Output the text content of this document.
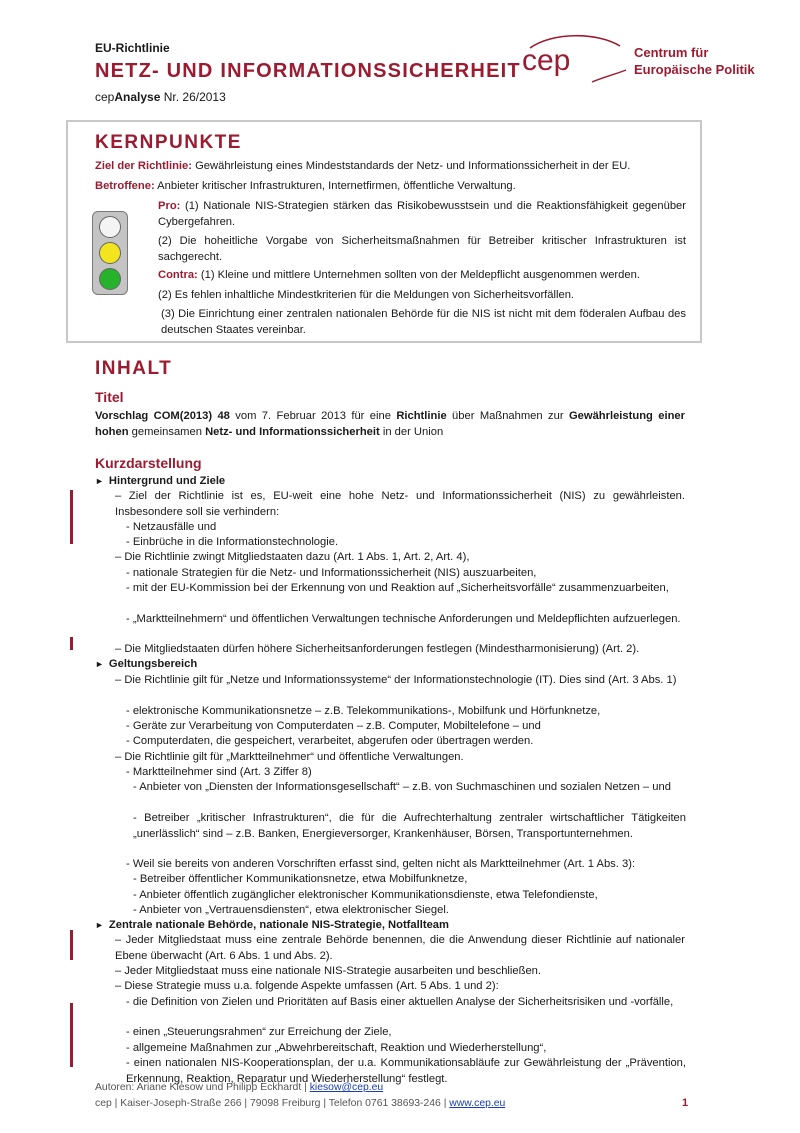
EU-Richtlinie
NETZ- UND INFORMATIONSSICHERHEIT
cepAnalyse Nr. 26/2013
cep	Centrum für
Europäische Politik
KERNPUNKTE
Ziel der Richtlinie: Gewährleistung eines Mindeststandards der Netz- und Informationssicherheit in der EU.
Betroffene: Anbieter kritischer Infrastrukturen, Internetfirmen, öffentliche Verwaltung.
Pro: (1) Nationale NIS-Strategien stärken das Risikobewusstsein und die Reaktionsfähigkeit gegenüber Cybergefahren.
(2) Die hoheitliche Vorgabe von Sicherheitsmaßnahmen für Betreiber kritischer Infrastrukturen ist sachgerecht.
Contra: (1) Kleine und mittlere Unternehmen sollten von der Meldepflicht ausgenommen werden.
(2) Es fehlen inhaltliche Mindestkriterien für die Meldungen von Sicherheitsvorfällen.
(3) Die Einrichtung einer zentralen nationalen Behörde für die NIS ist nicht mit dem föderalen Aufbau des deutschen Staates vereinbar.
INHALT
Titel
Vorschlag COM(2013) 48 vom 7. Februar 2013 für eine Richtlinie über Maßnahmen zur Gewährleistung einer hohen gemeinsamen Netz- und Informationssicherheit in der Union
Kurzdarstellung
►  Hintergrund und Ziele
– Ziel der Richtlinie ist es, EU-weit eine hohe Netz- und Informationssicherheit (NIS) zu gewährleisten. Insbesondere soll sie verhindern:
- Netzausfälle und
- Einbrüche in die Informationstechnologie.
– Die Richtlinie zwingt Mitgliedstaaten dazu (Art. 1 Abs. 1, Art. 2, Art. 4),
- nationale Strategien für die Netz- und Informationssicherheit (NIS) auszuarbeiten,
- mit der EU-Kommission bei der Erkennung von und Reaktion auf „Sicherheitsvorfälle“ zusammenzuarbeiten,
- „Marktteilnehmern“ und öffentlichen Verwaltungen technische Anforderungen und Meldepflichten aufzuerlegen.
– Die Mitgliedstaaten dürfen höhere Sicherheitsanforderungen festlegen (Mindestharmonisierung) (Art. 2).
►  Geltungsbereich
– Die Richtlinie gilt für „Netze und Informationssysteme“ der Informationstechnologie (IT). Dies sind (Art. 3 Abs. 1)
- elektronische Kommunikationsnetze – z.B. Telekommunikations-, Mobilfunk und Hörfunknetze,
- Geräte zur Verarbeitung von Computerdaten – z.B. Computer, Mobiltelefone – und
- Computerdaten, die gespeichert, verarbeitet, abgerufen oder übertragen werden.
– Die Richtlinie gilt für „Marktteilnehmer“ und öffentliche Verwaltungen.
- Marktteilnehmer sind (Art. 3 Ziffer 8)
- Anbieter von „Diensten der Informationsgesellschaft“ – z.B. von Suchmaschinen und sozialen Netzen – und
- Betreiber „kritischer Infrastrukturen“, die für die Aufrechterhaltung zentraler wirtschaftlicher Tätigkeiten „unerlässlich“ sind – z.B. Banken, Energieversorger, Krankenhäuser, Börsen, Transportunternehmen.
- Weil sie bereits von anderen Vorschriften erfasst sind, gelten nicht als Marktteilnehmer (Art. 1 Abs. 3):
- Betreiber öffentlicher Kommunikationsnetze, etwa Mobilfunknetze,
- Anbieter öffentlich zugänglicher elektronischer Kommunikationsdienste, etwa Telefondienste,
- Anbieter von „Vertrauensdiensten“, etwa elektronischer Siegel.
►  Zentrale nationale Behörde, nationale NIS-Strategie, Notfallteam
– Jeder Mitgliedstaat muss eine zentrale Behörde benennen, die die Anwendung dieser Richtlinie auf nationaler Ebene überwacht (Art. 6 Abs. 1 und Abs. 2).
– Jeder Mitgliedstaat muss eine nationale NIS-Strategie ausarbeiten und beschließen.
– Diese Strategie muss u.a. folgende Aspekte umfassen (Art. 5 Abs. 1 und 2):
- die Definition von Zielen und Prioritäten auf Basis einer aktuellen Analyse der Sicherheitsrisiken und -vorfälle,
- einen „Steuerungsrahmen“ zur Erreichung der Ziele,
- allgemeine Maßnahmen zur „Abwehrbereitschaft, Reaktion und Wiederherstellung“,
- einen nationalen NIS-Kooperationsplan, der u.a. Kommunikationsabläufe zur Gewährleistung der „Prävention, Erkennung, Reaktion, Reparatur und Wiederherstellung“ festlegt.
Autoren: Ariane Kiesow und Philipp Eckhardt | kiesow@cep.eu
cep | Kaiser-Joseph-Straße 266 | 79098 Freiburg | Telefon 0761 38693-246 | www.cep.eu	1
